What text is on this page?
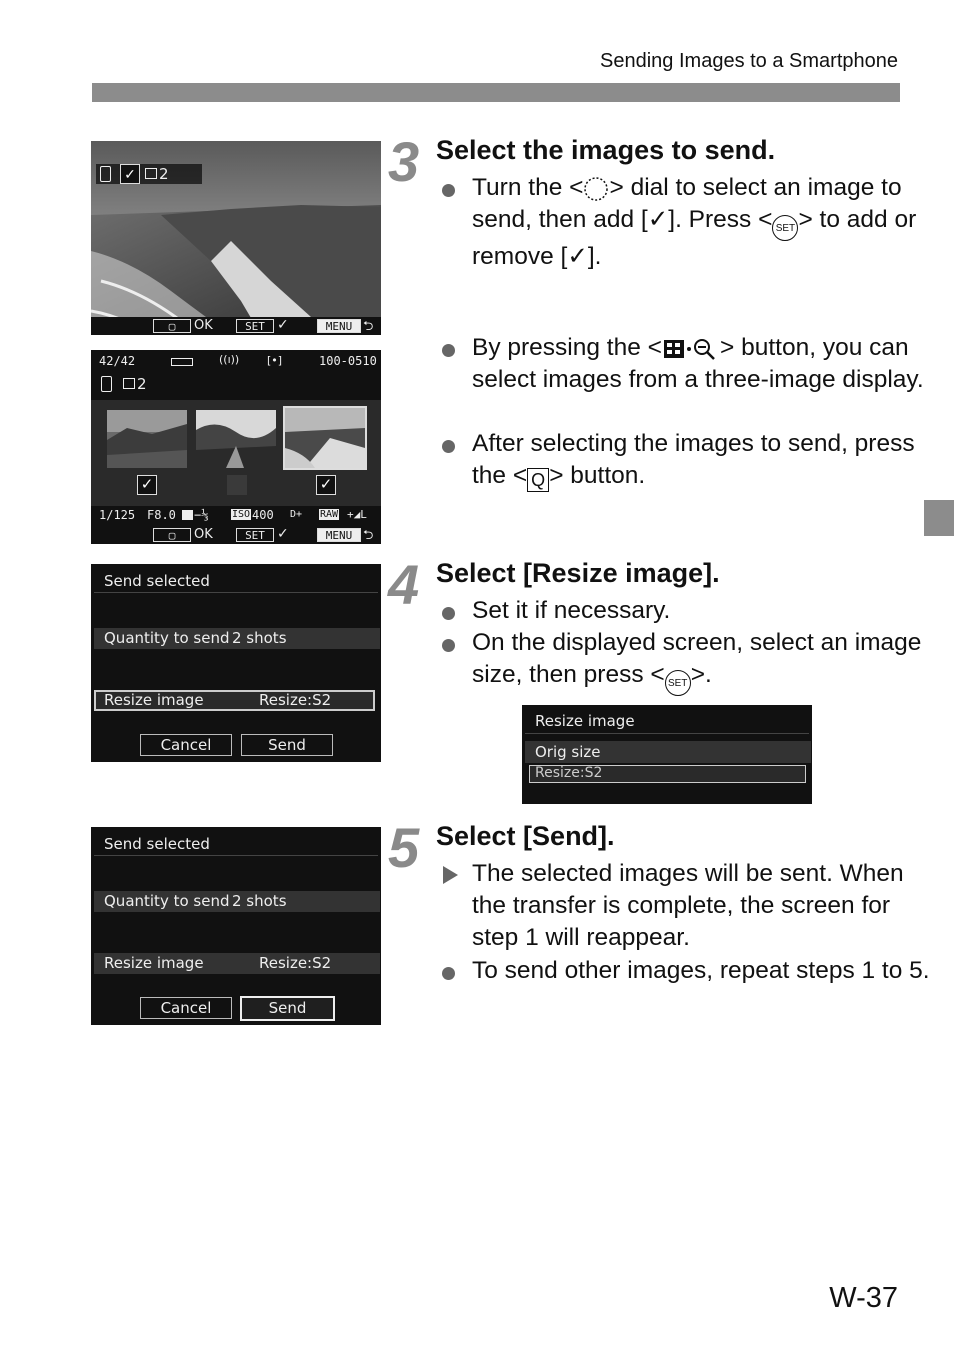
Sending Images to a Smartphone
3 Select the images to send.
Turn the < > dial to select an image to send, then add [✓]. Press < SET > to add or remove [✓].
By pressing the < > button, you can select images from a three-image display.
After selecting the images to send, press the < Q > button.
✓	2
▢	OK	SET ✓	MENU ⮌
42/42	((ı))	[•]	100-0510
2
✓	✓
1/125 F8.0 −⅓ ISO 400 D+ RAW +◢L
▢	OK	SET ✓	MENU ⮌
4 Select [Resize image].
Set it if necessary.
On the displayed screen, select an image size, then press < SET >.
Send selected
Quantity to send 2 shots
Resize image	Resize:S2
Cancel	Send
Resize image
Orig size
Resize:S2
5 Select [Send].
The selected images will be sent. When the transfer is complete, the screen for step 1 will reappear.
To send other images, repeat steps 1 to 5.
Send selected
Quantity to send 2 shots
Resize image	Resize:S2
Cancel	Send
W-37
